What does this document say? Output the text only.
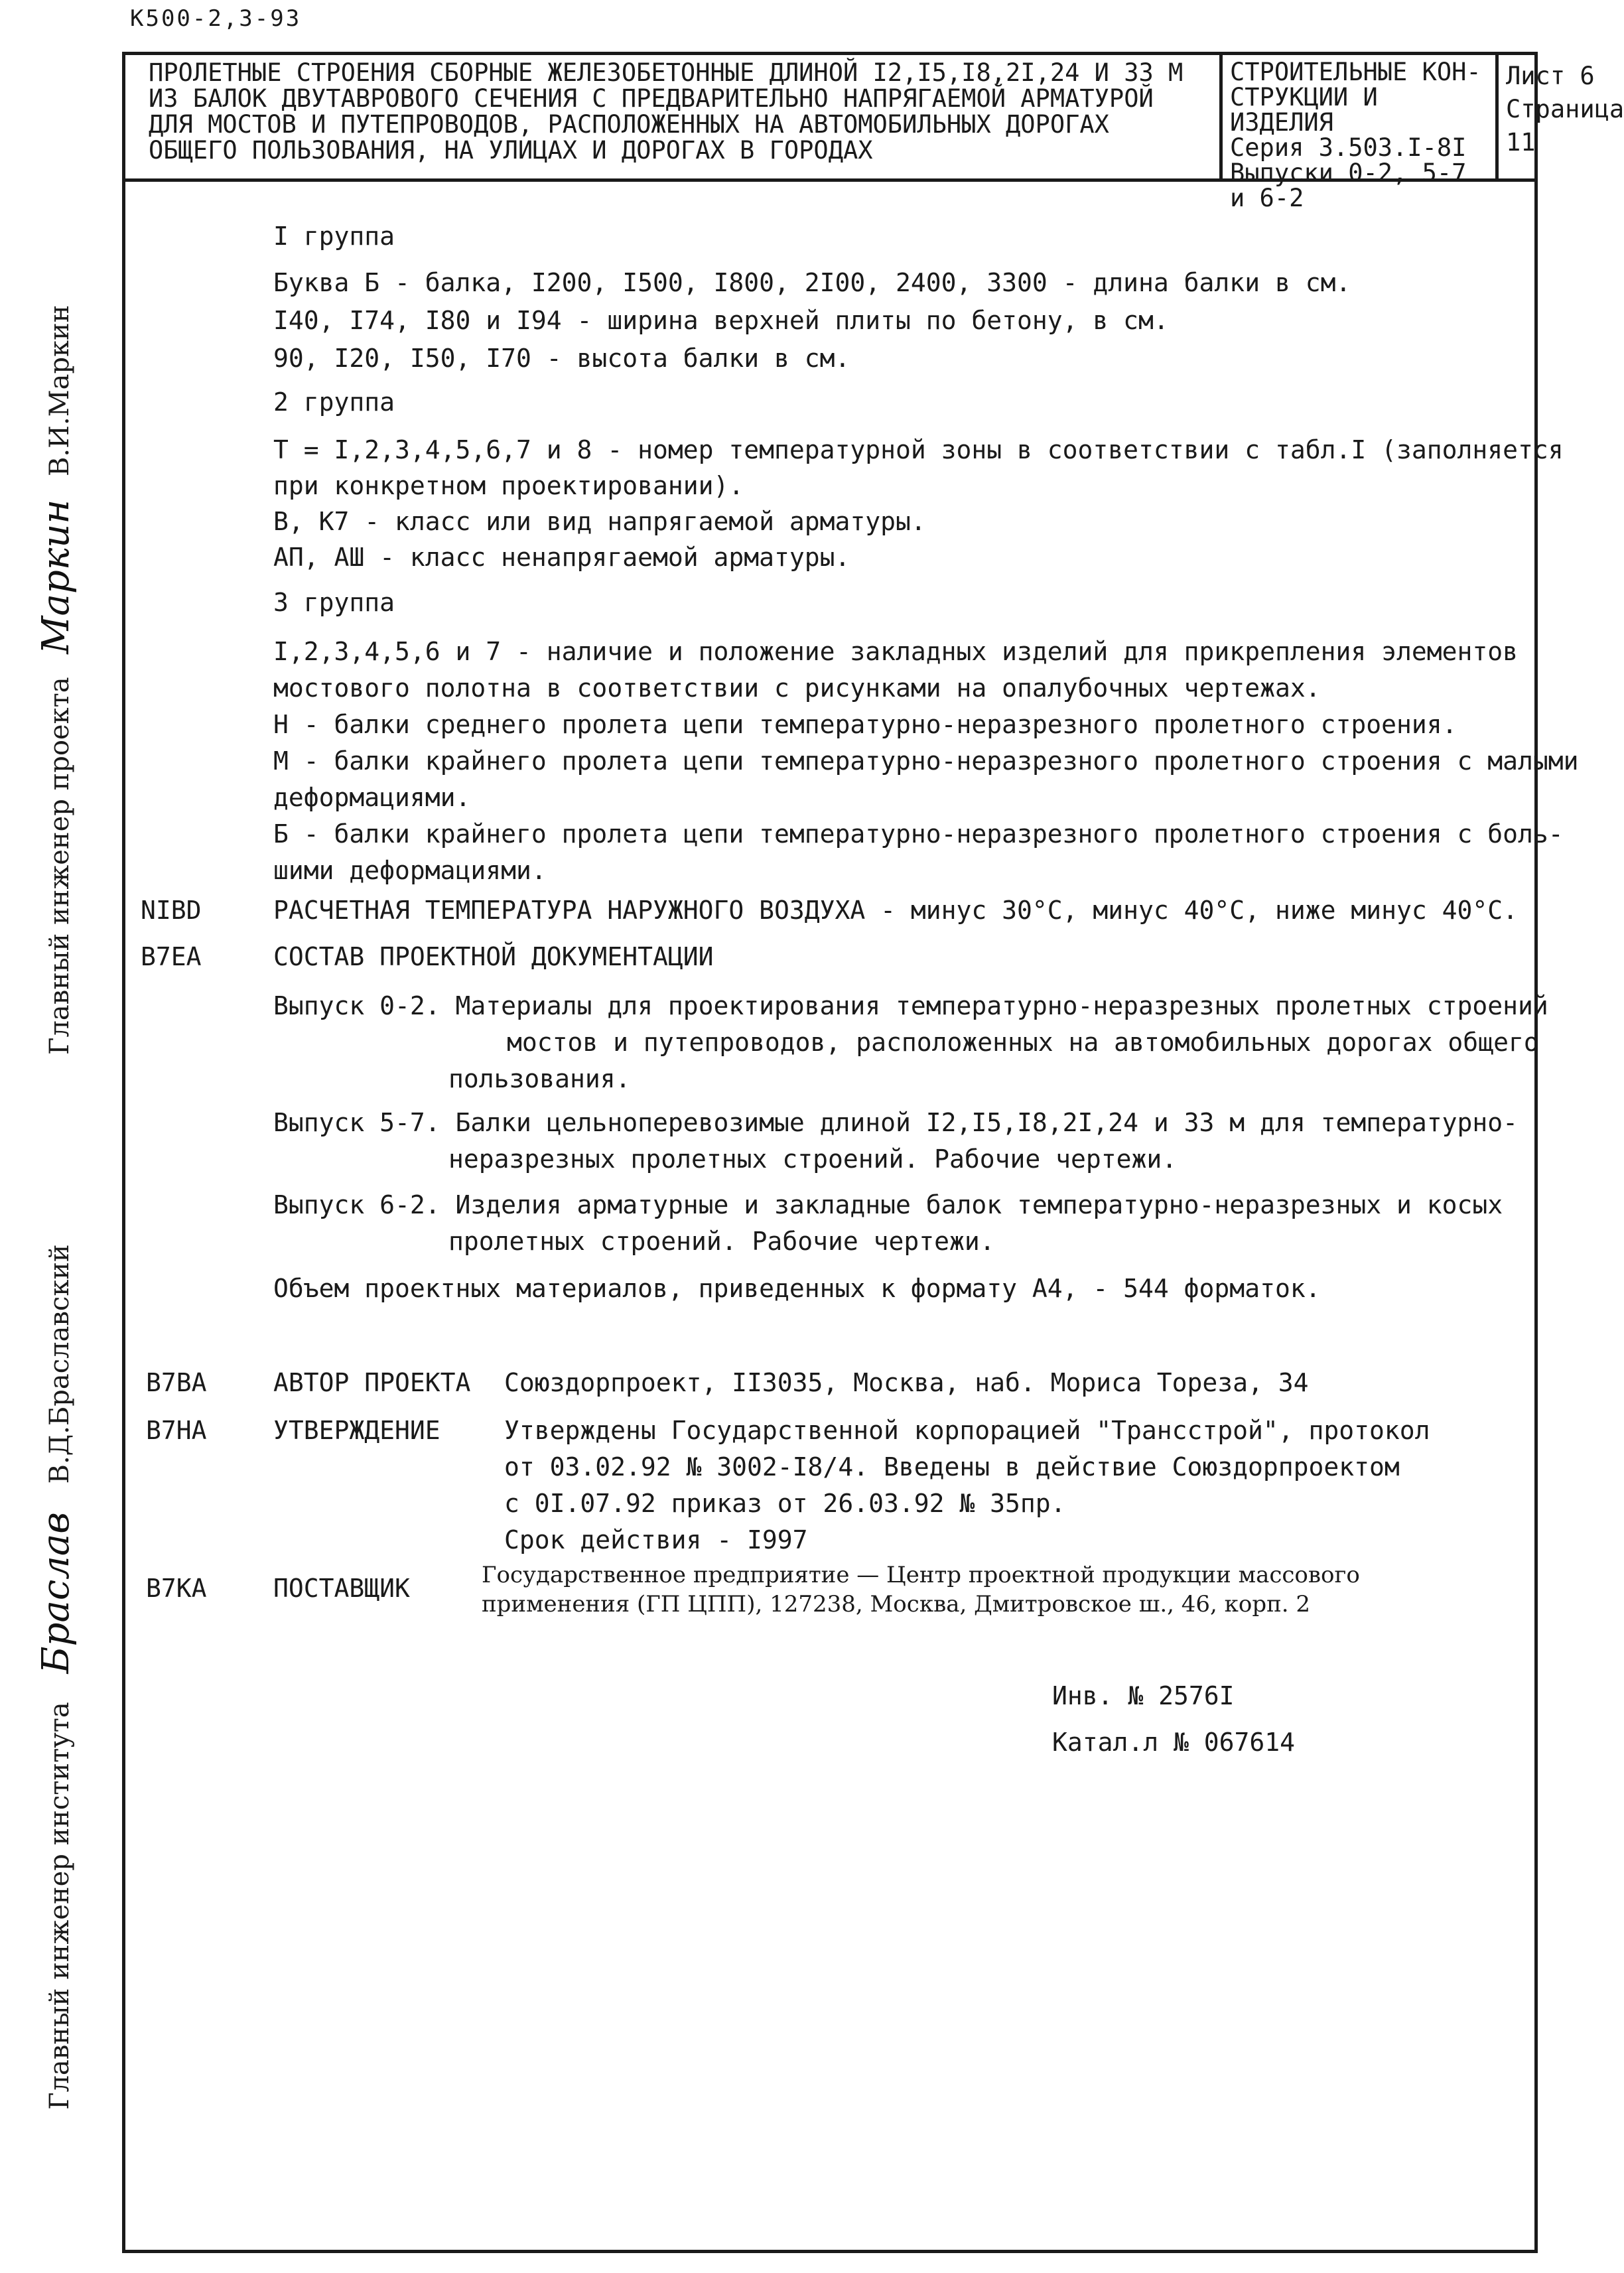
К500-2,3-93
ПРОЛЕТНЫЕ СТРОЕНИЯ СБОРНЫЕ ЖЕЛЕЗОБЕТОННЫЕ ДЛИНОЙ I2,I5,I8,2I,24 И 33 М ИЗ БАЛОК ДВУТАВРОВОГО СЕЧЕНИЯ С ПРЕДВАРИТЕЛЬНО НАПРЯГАЕМОЙ АРМАТУРОЙ ДЛЯ МОСТОВ И ПУТЕПРОВОДОВ, РАСПОЛОЖЕННЫХ НА АВТОМОБИЛЬНЫХ ДОРОГАХ ОБЩЕГО ПОЛЬЗОВАНИЯ, НА УЛИЦАХ И ДОРОГАХ В ГОРОДАХ
СТРОИТЕЛЬНЫЕ КОН-
СТРУКЦИИ И ИЗДЕЛИЯ
Серия 3.503.I-8I
Выпуски 0-2, 5-7
и 6-2
Лист 6
Страница 11
Главный инженер проекта Маркин В.И.Маркин
Главный инженер института Браслав В.Д.Браславский
I группа
Буква Б - балка, I200, I500, I800, 2I00, 2400, 3300 - длина балки в см.
I40, I74, I80 и I94 - ширина верхней плиты по бетону, в см.
90, I20, I50, I70 - высота балки в см.
2 группа
Т = I,2,3,4,5,6,7 и 8 - номер температурной зоны в соответствии с табл.I (заполняется
при конкретном проектировании).
В, К7 - класс или вид напрягаемой арматуры.
АП, АШ - класс ненапрягаемой арматуры.
3 группа
I,2,3,4,5,6 и 7 - наличие и положение закладных изделий для прикрепления элементов
мостового полотна в соответствии с рисунками на опалубочных чертежах.
Н - балки среднего пролета цепи температурно-неразрезного пролетного строения.
М - балки крайнего пролета цепи температурно-неразрезного пролетного строения с малыми
деформациями.
Б - балки крайнего пролета цепи температурно-неразрезного пролетного строения с боль-
шими деформациями.
NIBD	РАСЧЕТНАЯ ТЕМПЕРАТУРА НАРУЖНОГО ВОЗДУХА - минус 30°С, минус 40°С, ниже минус 40°С.
В7ЕА	СОСТАВ ПРОЕКТНОЙ ДОКУМЕНТАЦИИ
Выпуск 0-2. Материалы для проектирования температурно-неразрезных пролетных строений
мостов и путепроводов, расположенных на автомобильных дорогах общего
пользования.
Выпуск 5-7. Балки цельноперевозимые длиной I2,I5,I8,2I,24 и 33 м для температурно-
неразрезных пролетных строений. Рабочие чертежи.
Выпуск 6-2. Изделия арматурные и закладные балок температурно-неразрезных и косых
пролетных строений. Рабочие чертежи.
Объем проектных материалов, приведенных к формату А4, - 544 форматок.
В7ВА	АВТОР ПРОЕКТА Союздорпроект, II3035, Москва, наб. Мориса Тореза, 34
В7НА	УТВЕРЖДЕНИЕ	Утверждены Государственной корпорацией "Трансстрой", протокол
от 03.02.92 № 3002-I8/4. Введены в действие Союздорпроектом
с 0I.07.92 приказ от 26.03.92 № 35пр.
Срок действия - I997
В7КА	ПОСТАВЩИК	Государственное предприятие — Центр проектной продукции массового
применения (ГП ЦПП), 127238, Москва, Дмитровское ш., 46, корп. 2
Инв. № 2576I
Катал.л № 067614
